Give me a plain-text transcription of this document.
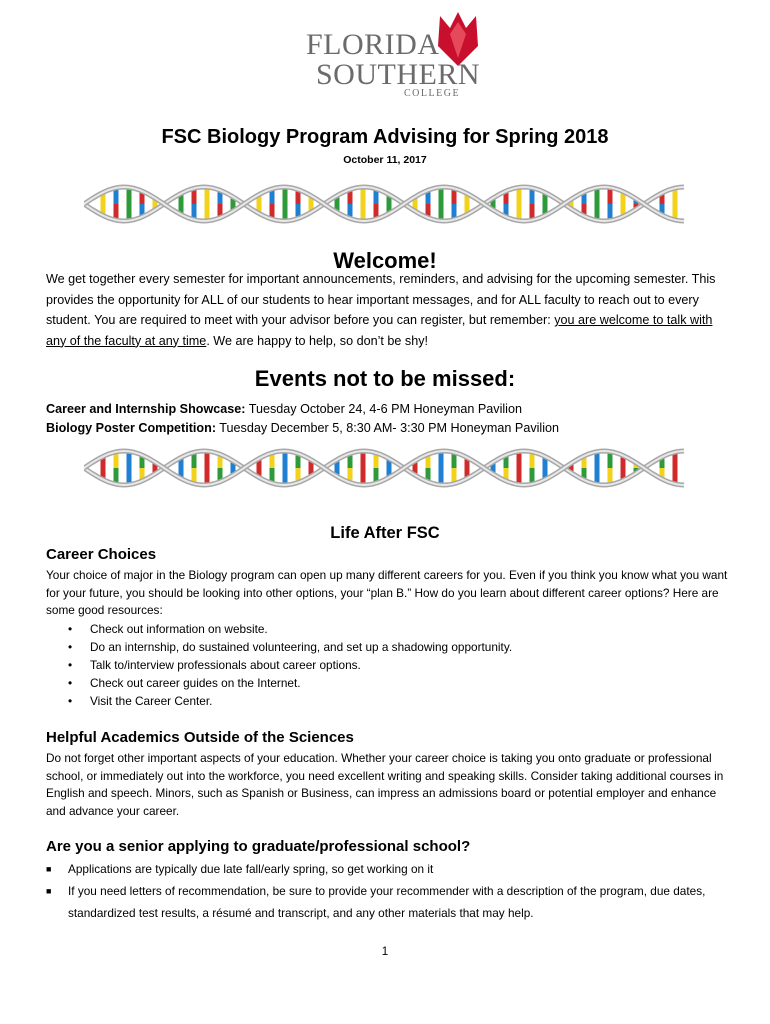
FLORIDA
SOUTHERN
COLLEGE
FSC Biology Program Advising for Spring 2018
October 11, 2017
Welcome!
We get together every semester for important announcements, reminders, and advising for the upcoming semester. This provides the opportunity for ALL of our students to hear important messages, and for ALL faculty to reach out to every student. You are required to meet with your advisor before you can register, but remember: you are welcome to talk with any of the faculty at any time. We are happy to help, so don’t be shy!
Events not to be missed:
Career and Internship Showcase: Tuesday October 24, 4-6 PM Honeyman Pavilion
Biology Poster Competition: Tuesday December 5, 8:30 AM- 3:30 PM Honeyman Pavilion
Life After FSC
Career Choices
Your choice of major in the Biology program can open up many different careers for you. Even if you think you know what you want for your future, you should be looking into other options, your “plan B.” How do you learn about different career options? Here are some good resources:
• Check out information on website.
• Do an internship, do sustained volunteering, and set up a shadowing opportunity.
• Talk to/interview professionals about career options.
• Check out career guides on the Internet.
• Visit the Career Center.
Helpful Academics Outside of the Sciences
Do not forget other important aspects of your education. Whether your career choice is taking you onto graduate or professional school, or immediately out into the workforce, you need excellent writing and speaking skills. Consider taking additional courses in English and speech. Minors, such as Spanish or Business, can impress an admissions board or potential employer and enhance and advance your career.
Are you a senior applying to graduate/professional school?
■ Applications are typically due late fall/early spring, so get working on it
■ If you need letters of recommendation, be sure to provide your recommender with a description of the program, due dates, standardized test results, a résumé and transcript, and any other materials that may help.
1
